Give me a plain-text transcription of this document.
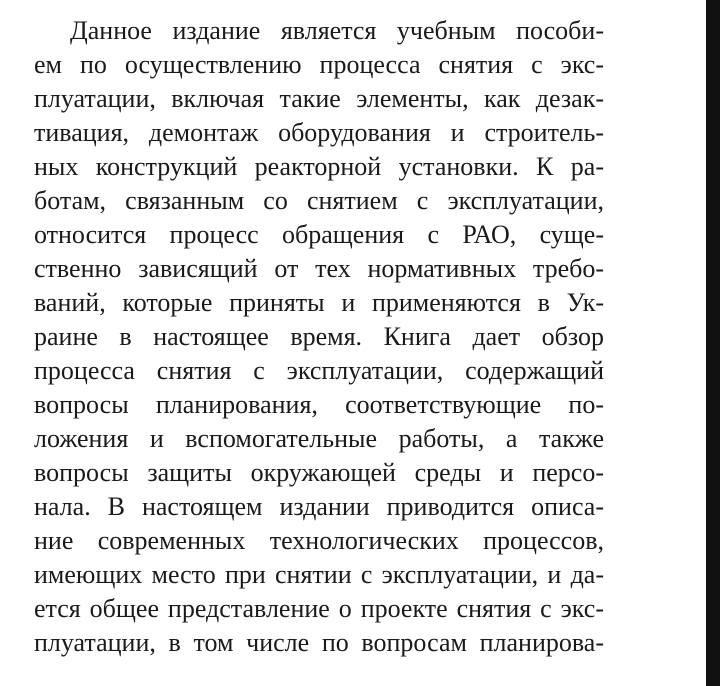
Данное издание является учебным пособи-
ем по осуществлению процесса снятия с экс-
плуатации, включая такие элементы, как дезак-
тивация, демонтаж оборудования и строитель-
ных конструкций реакторной установки. К ра-
ботам, связанным со снятием с эксплуатации,
относится процесс обращения с РАО, суще-
ственно зависящий от тех нормативных требо-
ваний, которые приняты и применяются в Ук-
раине в настоящее время. Книга дает обзор
процесса снятия с эксплуатации, содержащий
вопросы планирования, соответствующие по-
ложения и вспомогательные работы, а также
вопросы защиты окружающей среды и персо-
нала. В настоящем издании приводится описа-
ние современных технологических процессов,
имеющих место при снятии с эксплуатации, и да-
ется общее представление о проекте снятия с экс-
плуатации, в том числе по вопросам планирова-
